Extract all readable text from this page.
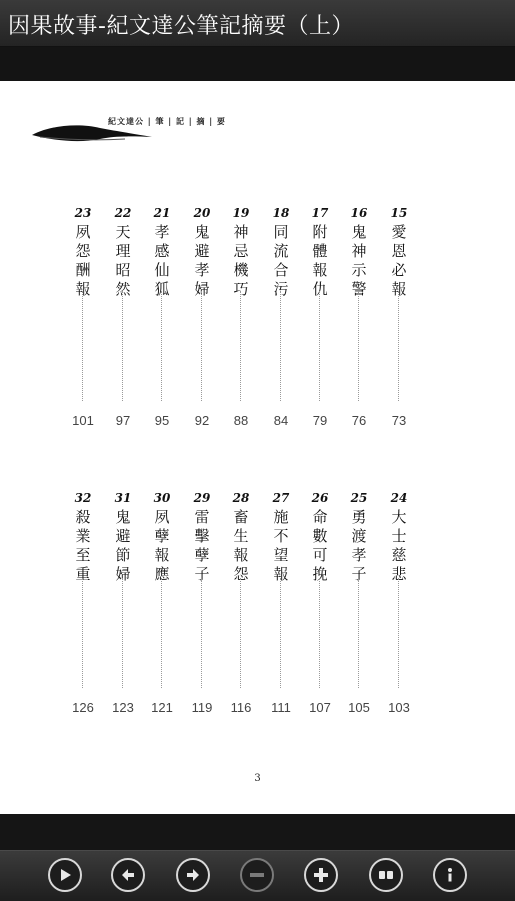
因果故事-紀文達公筆記摘要（上）
紀文達公 | 筆 | 記 | 摘 | 要
23
夙
怨
酬
報
101
22
天
理
昭
然
97
21
孝
感
仙
狐
95
20
鬼
避
孝
婦
92
19
神
忌
機
巧
88
18
同
流
合
污
84
17
附
體
報
仇
79
16
鬼
神
示
警
76
15
愛
恩
必
報
73
32
殺
業
至
重
126
31
鬼
避
節
婦
123
30
夙
孽
報
應
121
29
雷
擊
孽
子
119
28
畜
生
報
怨
116
27
施
不
望
報
111
26
命
數
可
挽
107
25
勇
渡
孝
子
105
24
大
士
慈
悲
103
3
